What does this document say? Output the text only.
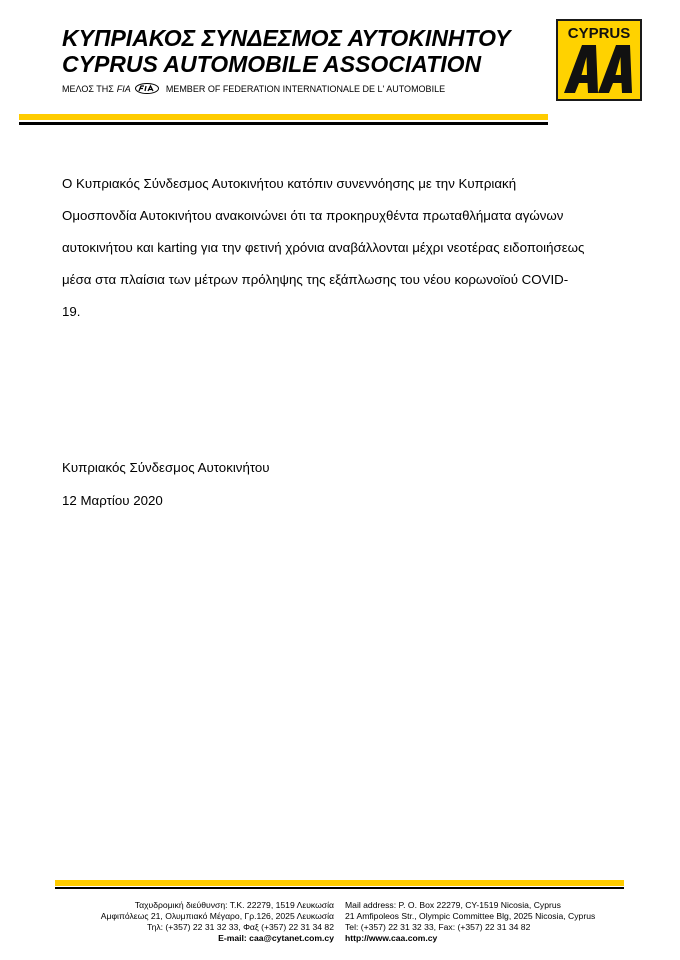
ΚΥΠΡΙΑΚΟΣ ΣΥΝΔΕΣΜΟΣ ΑΥΤΟΚΙΝΗΤΟΥ
CYPRUS AUTOMOBILE ASSOCIATION
ΜΕΛΟΣ ΤΗΣ FIA	MEMBER OF FEDERATION INTERNATIONALE DE L' AUTOMOBILE
CYPRUS
Ο Κυπριακός Σύνδεσμος Αυτοκινήτου κατόπιν συνεννόησης με την Κυπριακή
Ομοσπονδία Αυτοκινήτου ανακοινώνει ότι τα προκηρυχθέντα πρωταθλήματα αγώνων
αυτοκινήτου και karting για την φετινή χρόνια αναβάλλονται μέχρι νεοτέρας ειδοποιήσεως
μέσα στα πλαίσια των μέτρων πρόληψης της εξάπλωσης του νέου κορωνοϊού COVID-
19.
Κυπριακός Σύνδεσμος Αυτοκινήτου
12 Μαρτίου 2020
Ταχυδρομική διεύθυνση: Τ.Κ. 22279, 1519 Λευκωσία
Αμφιπόλεως 21, Ολυμπιακό Μέγαρο, Γρ.126, 2025 Λευκωσία
Τηλ: (+357) 22 31 32 33, Φαξ (+357) 22 31 34 82
E-mail: caa@cytanet.com.cy
Mail address: P. O. Box 22279, CY-1519 Nicosia, Cyprus
21 Amfipoleos Str., Olympic Committee Blg, 2025 Nicosia, Cyprus
Tel: (+357) 22 31 32 33, Fax: (+357) 22 31 34 82
http://www.caa.com.cy
